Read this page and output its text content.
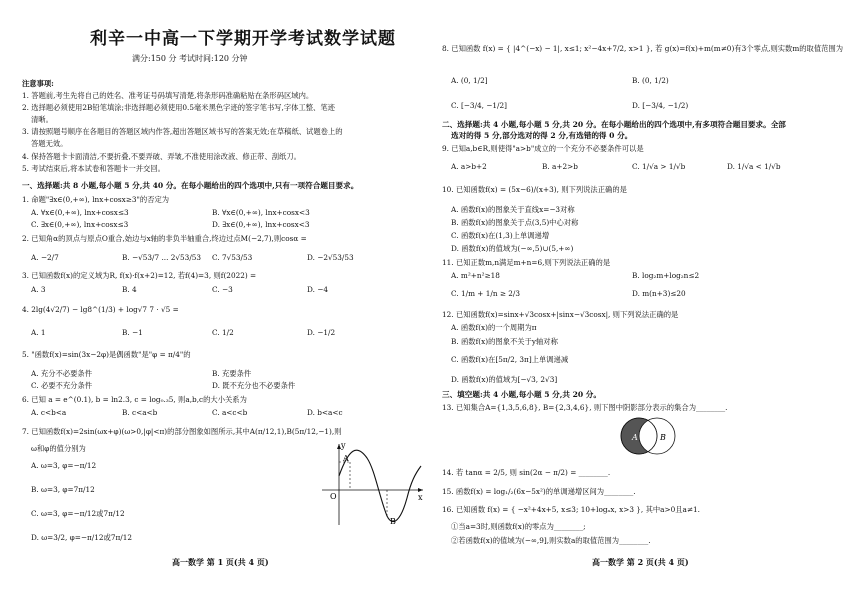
利辛一中高一下学期开学考试数学试题
满分:150 分 考试时间:120 分钟
注意事项:
1. 答题前,考生先将自己的姓名、准考证号码填写清楚,将条形码准确粘贴在条形码区域内。
2. 选择题必须使用2B铅笔填涂;非选择题必须使用0.5毫米黑色字迹的签字笔书写,字体工整、笔迹
清晰。
3. 请按照题号顺序在各题目的答题区域内作答,超出答题区域书写的答案无效;在草稿纸、试题卷上的
答题无效。
4. 保持答题卡卡面清洁,不要折叠,不要弄破、弄皱,不准使用涂改液、修正带、刮纸刀。
5. 考试结束后,将本试卷和答题卡一并交回。
一、选择题:共 8 小题,每小题 5 分,共 40 分。在每小题给出的四个选项中,只有一项符合题目要求。
1. 命题"∃x∈(0,+∞), lnx+cosx≥3"的否定为
A. ∀x∈(0,+∞), lnx+cosx≤3	B. ∀x∈(0,+∞), lnx+cosx<3
C. ∃x∈(0,+∞), lnx+cosx≤3	D. ∃x∈(0,+∞), lnx+cosx<3
2. 已知角α的顶点与原点O重合,始边与x轴的非负半轴重合,终边过点M(−2,7),则cosα =
A. −2/7	B. −√53/7 ... 2√53/53 C. 7√53/53	D. −2√53/53
3. 已知函数f(x)的定义域为R, f(x)·f(x+2)=12, 若f(4)=3, 则f(2022) =
A. 3	B. 4	C. −3	D. −4
4. 2lg(4√2/7) − lg8^(1/3) + log√7 7 · √5 =
A. 1	B. −1	C. 1/2	D. −1/2
5. "函数f(x)=sin(3x−2φ)是偶函数"是"φ = π/4"的
A. 充分不必要条件	B. 充要条件
C. 必要不充分条件	D. 既不充分也不必要条件
6. 已知 a = e^(0.1), b = ln2.3, c = log₀.₃5, 则a,b,c的大小关系为
A. c<b<a	B. c<a<b	C. a<c<b	D. b<a<c
7. 已知函数f(x)=2sin(ωx+φ)(ω>0,|φ|<π)的部分图象如图所示,其中A(π/12,1),B(5π/12,−1),则
ω和φ的值分别为
A. ω=3, φ=−π/12
B. ω=3, φ=7π/12
C. ω=3, φ=−π/12或7π/12
D. ω=3/2, φ=−π/12或7π/12
y
x
O
A
B
高一数学 第 1 页(共 4 页)
8. 已知函数 f(x) = { |4^(−x) − 1|, x≤1; x²−4x+7/2, x>1 }, 若 g(x)=f(x)+m(m≠0)有3个零点,则实数m的取值范围为
A. (0, 1/2]	B. (0, 1/2)
C. [−3/4, −1/2]	D. [−3/4, −1/2)
二、选择题:共 4 小题,每小题 5 分,共 20 分。在每小题给出的四个选项中,有多项符合题目要求。全部
选对的得 5 分,部分选对的得 2 分,有选错的得 0 分。
9. 已知a,b∈R,则使得"a>b"成立的一个充分不必要条件可以是
A. a>b+2	B. a+2>b	C. 1/√a > 1/√b	D. 1/√a < 1/√b
10. 已知函数f(x) = (5x−6)/(x+3), 则下列说法正确的是
A. 函数f(x)的图象关于直线x=−3对称
B. 函数f(x)的图象关于点(3,5)中心对称
C. 函数f(x)在(1,3)上单调递增
D. 函数f(x)的值域为(−∞,5)∪(5,+∞)
11. 已知正数m,n满足m+n=6,则下列说法正确的是
A. m²+n²≥18	B. log₂m+log₂n≤2
C. 1/m + 1/n ≥ 2/3	D. m(n+3)≤20
12. 已知函数f(x)=sinx+√3cosx+|sinx−√3cosx|, 则下列说法正确的是
A. 函数f(x)的一个周期为π
B. 函数f(x)的图象不关于y轴对称
C. 函数f(x)在[5π/2, 3π]上单调递减
D. 函数f(x)的值域为[−√3, 2√3]
三、填空题:共 4 小题,每小题 5 分,共 20 分。
13. 已知集合A={1,3,5,6,8}, B={2,3,4,6}, 则下图中阴影部分表示的集合为________.
A	B
14. 若 tanα = 2/5, 则 sin(2α − π/2) = ________.
15. 函数f(x) = log₁/₂(6x−5x²)的单调递增区间为________.
16. 已知函数 f(x) = { −x²+4x+5, x≤3; 10+logₐx, x>3 }, 其中a>0且a≠1.
①当a=3时,则函数f(x)的零点为________;
②若函数f(x)的值域为(−∞,9],则实数a的取值范围为________.
高一数学 第 2 页(共 4 页)
